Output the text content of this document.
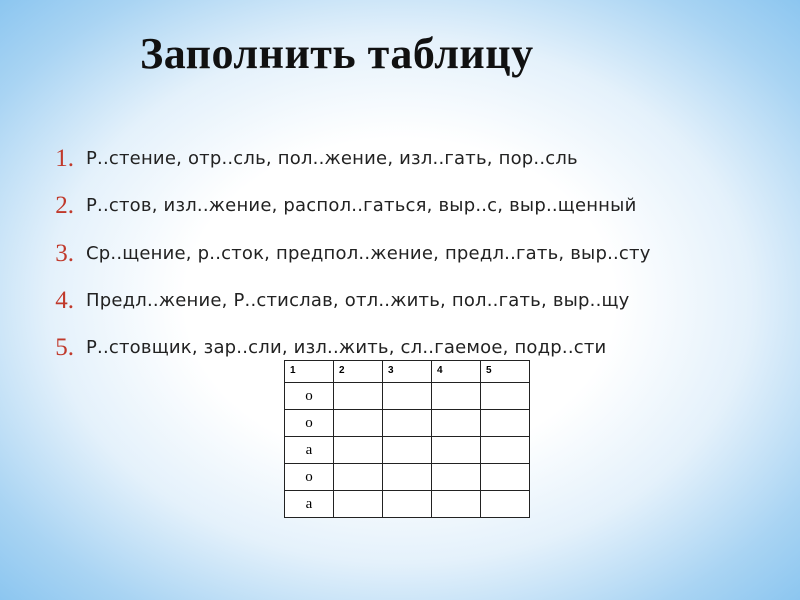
Заполнить таблицу
1. Р..стение, отр..сль, пол..жение, изл..гать, пор..сль
2. Р..стов, изл..жение, распол..гаться, выр..с, выр..щенный
3. Ср..щение, р..сток, предпол..жение, предл..гать, выр..сту
4. Предл..жение, Р..стислав, отл..жить, пол..гать, выр..щу
5. Р..стовщик, зар..сли, изл..жить, сл..гаемое, подр..сти
1	2	3	4	5
о				
о				
а				
о				
а				
